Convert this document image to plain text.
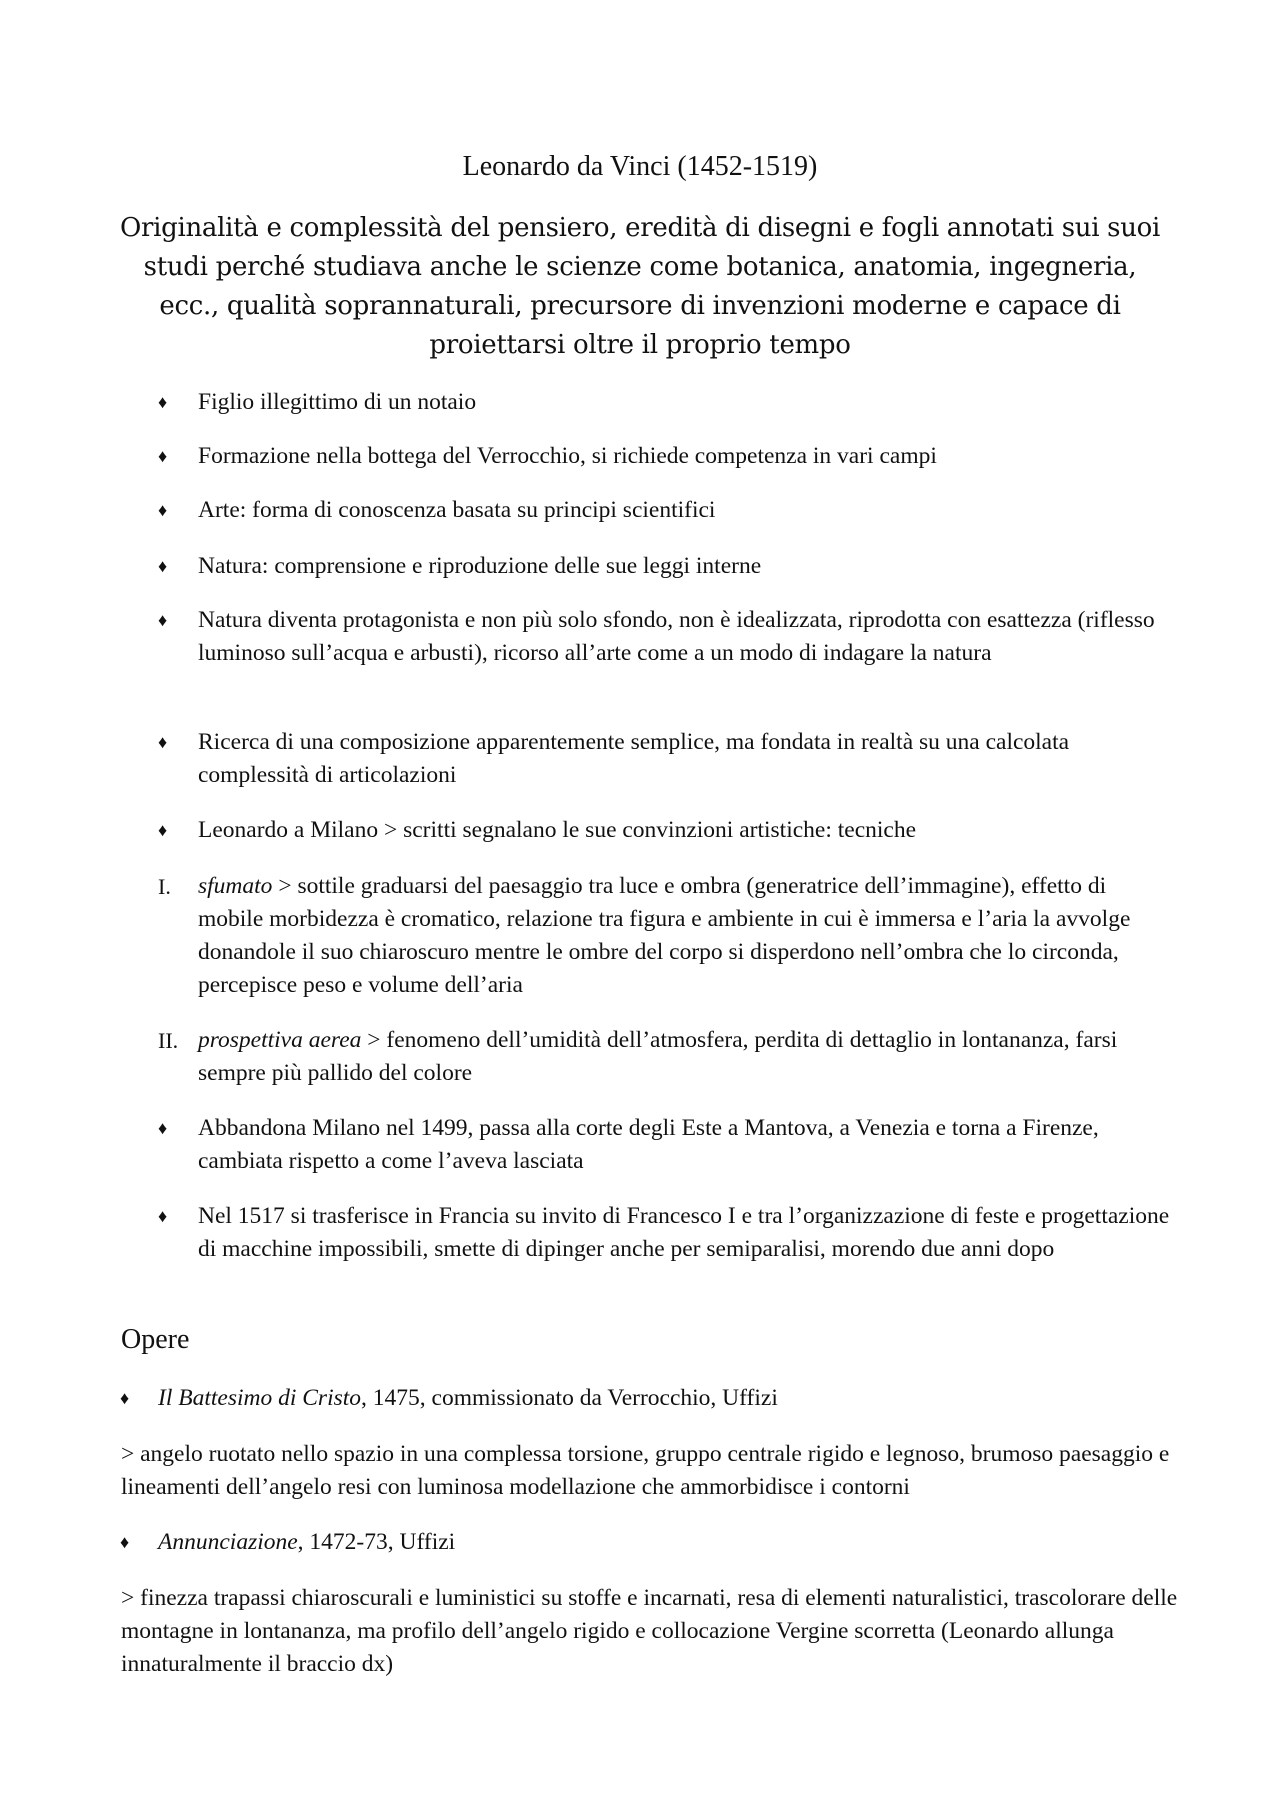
Leonardo da Vinci (1452-1519)
Originalità e complessità del pensiero, eredità di disegni e fogli annotati sui suoi studi perché studiava anche le scienze come botanica, anatomia, ingegneria, ecc., qualità soprannaturali, precursore di invenzioni moderne e capace di proiettarsi oltre il proprio tempo
♦	Figlio illegittimo di un notaio
♦	Formazione nella bottega del Verrocchio, si richiede competenza in vari campi
♦	Arte: forma di conoscenza basata su principi scientifici
♦	Natura: comprensione e riproduzione delle sue leggi interne
♦	Natura diventa protagonista e non più solo sfondo, non è idealizzata, riprodotta con esattezza (riflesso luminoso sull’acqua e arbusti), ricorso all’arte come a un modo di indagare la natura
♦	Ricerca di una composizione apparentemente semplice, ma fondata in realtà su una calcolata complessità di articolazioni
♦	Leonardo a Milano > scritti segnalano le sue convinzioni artistiche: tecniche
I.	sfumato > sottile graduarsi del paesaggio tra luce e ombra (generatrice dell’immagine), effetto di mobile morbidezza è cromatico, relazione tra figura e ambiente in cui è immersa e l’aria la avvolge donandole il suo chiaroscuro mentre le ombre del corpo si disperdono nell’ombra che lo circonda, percepisce peso e volume dell’aria
II. prospettiva aerea > fenomeno dell’umidità dell’atmosfera, perdita di dettaglio in lontananza, farsi sempre più pallido del colore
♦	Abbandona Milano nel 1499, passa alla corte degli Este a Mantova, a Venezia e torna a Firenze, cambiata rispetto a come l’aveva lasciata
♦	Nel 1517 si trasferisce in Francia su invito di Francesco I e tra l’organizzazione di feste e progettazione di macchine impossibili, smette di dipinger anche per semiparalisi, morendo due anni dopo
Opere
♦	Il Battesimo di Cristo, 1475, commissionato da Verrocchio, Uffizi
> angelo ruotato nello spazio in una complessa torsione, gruppo centrale rigido e legnoso, brumoso paesaggio e lineamenti dell’angelo resi con luminosa modellazione che ammorbidisce i contorni
♦	Annunciazione, 1472-73, Uffizi
> finezza trapassi chiaroscurali e luministici su stoffe e incarnati, resa di elementi naturalistici, trascolorare delle montagne in lontananza, ma profilo dell’angelo rigido e collocazione Vergine scorretta (Leonardo allunga innaturalmente il braccio dx)
